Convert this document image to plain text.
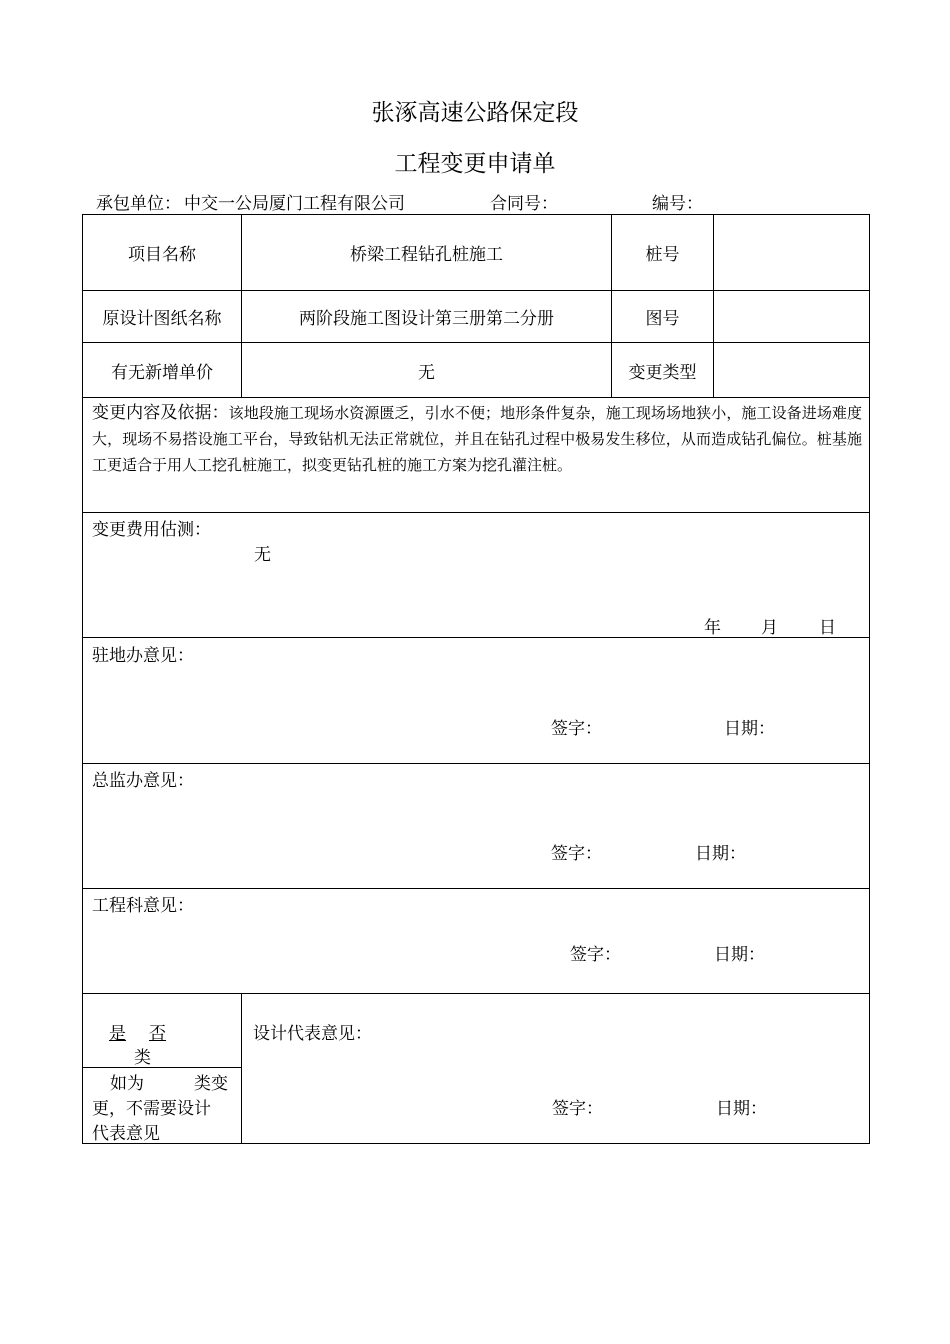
张涿高速公路保定段
工程变更申请单
承包单位： 中交一公局厦门工程有限公司	合同号：	编号：
项目名称	桥梁工程钻孔桩施工	桩号
原设计图纸名称	两阶段施工图设计第三册第二分册	图号
有无新增单价	无	变更类型
变更内容及依据：该地段施工现场水资源匮乏，引水不便；地形条件复杂，施工现场场地狭小，施工设备进场难度大，现场不易搭设施工平台，导致钻机无法正常就位，并且在钻孔过程中极易发生移位，从而造成钻孔偏位。桩基施工更适合于用人工挖孔桩施工，拟变更钻孔桩的施工方案为挖孔灌注桩。
变更费用估测：
无
年 月 日
驻地办意见：
签字：	日期：
总监办意见：
签字：	日期：
工程科意见：
签字：	日期：
是 否
类
如为	类变
更，不需要设计
代表意见
设计代表意见：
签字：	日期：
